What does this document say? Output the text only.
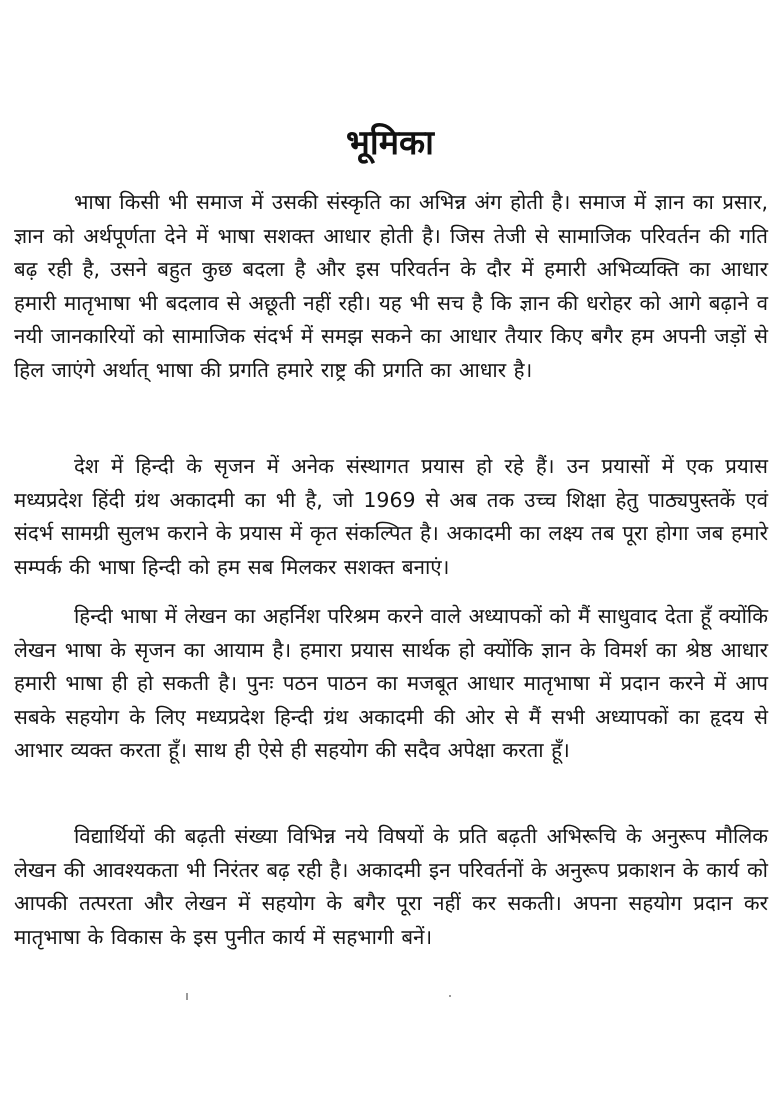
भूमिका

भाषा किसी भी समाज में उसकी संस्कृति का अभिन्न अंग होती है। समाज में ज्ञान का प्रसार, ज्ञान को अर्थपूर्णता देने में भाषा सशक्त आधार होती है। जिस तेजी से सामाजिक परिवर्तन की गति बढ़ रही है, उसने बहुत कुछ बदला है और इस परिवर्तन के दौर में हमारी अभिव्यक्ति का आधार हमारी मातृभाषा भी बदलाव से अछूती नहीं रही। यह भी सच है कि ज्ञान की धरोहर को आगे बढ़ाने व नयी जानकारियों को सामाजिक संदर्भ में समझ सकने का आधार तैयार किए बगैर हम अपनी जड़ों से हिल जाएंगे अर्थात् भाषा की प्रगति हमारे राष्ट्र की प्रगति का आधार है।

देश में हिन्दी के सृजन में अनेक संस्थागत प्रयास हो रहे हैं। उन प्रयासों में एक प्रयास मध्यप्रदेश हिंदी ग्रंथ अकादमी का भी है, जो 1969 से अब तक उच्च शिक्षा हेतु पाठ्यपुस्तकें एवं संदर्भ सामग्री सुलभ कराने के प्रयास में कृत संकल्पित है। अकादमी का लक्ष्य तब पूरा होगा जब हमारे सम्पर्क की भाषा हिन्दी को हम सब मिलकर सशक्त बनाएं।

हिन्दी भाषा में लेखन का अहर्निश परिश्रम करने वाले अध्यापकों को मैं साधुवाद देता हूँ क्योंकि लेखन भाषा के सृजन का आयाम है। हमारा प्रयास सार्थक हो क्योंकि ज्ञान के विमर्श का श्रेष्ठ आधार हमारी भाषा ही हो सकती है। पुनः पठन पाठन का मजबूत आधार मातृभाषा में प्रदान करने में आप सबके सहयोग के लिए मध्यप्रदेश हिन्दी ग्रंथ अकादमी की ओर से मैं सभी अध्यापकों का हृदय से आभार व्यक्त करता हूँ। साथ ही ऐसे ही सहयोग की सदैव अपेक्षा करता हूँ।

विद्यार्थियों की बढ़ती संख्या विभिन्न नये विषयों के प्रति बढ़ती अभिरूचि के अनुरूप मौलिक लेखन की आवश्यकता भी निरंतर बढ़ रही है। अकादमी इन परिवर्तनों के अनुरूप प्रकाशन के कार्य को आपकी तत्परता और लेखन में सहयोग के बगैर पूरा नहीं कर सकती। अपना सहयोग प्रदान कर मातृभाषा के विकास के इस पुनीत कार्य में सहभागी बनें।
